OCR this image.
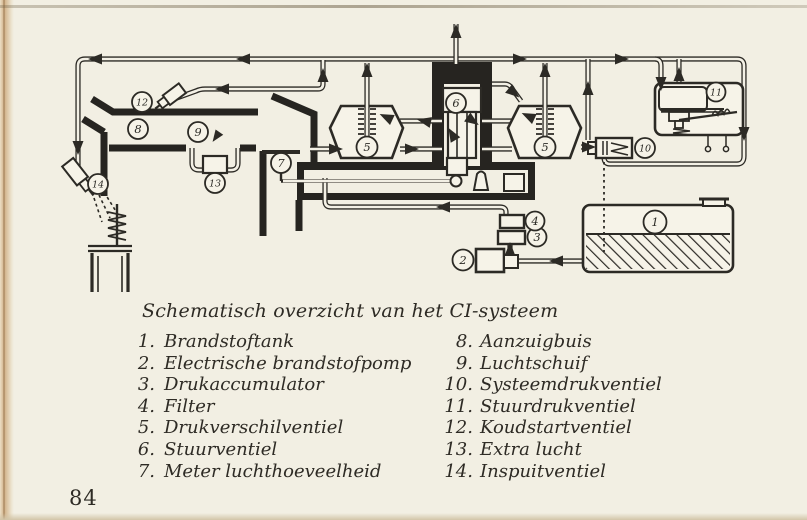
1
2
3
4
5	5
6
7
8	9
10
11
12
13
14
Schematisch overzicht van het CI-systeem
1. Brandstoftank
2. Electrische brandstofpomp
3. Drukaccumulator
4. Filter
5. Drukverschilventiel
6. Stuurventiel
7. Meter luchthoeveelheid
8. Aanzuigbuis
9. Luchtschuif
10. Systeemdrukventiel
11. Stuurdrukventiel
12. Koudstartventiel
13. Extra lucht
14. Inspuitventiel
84
